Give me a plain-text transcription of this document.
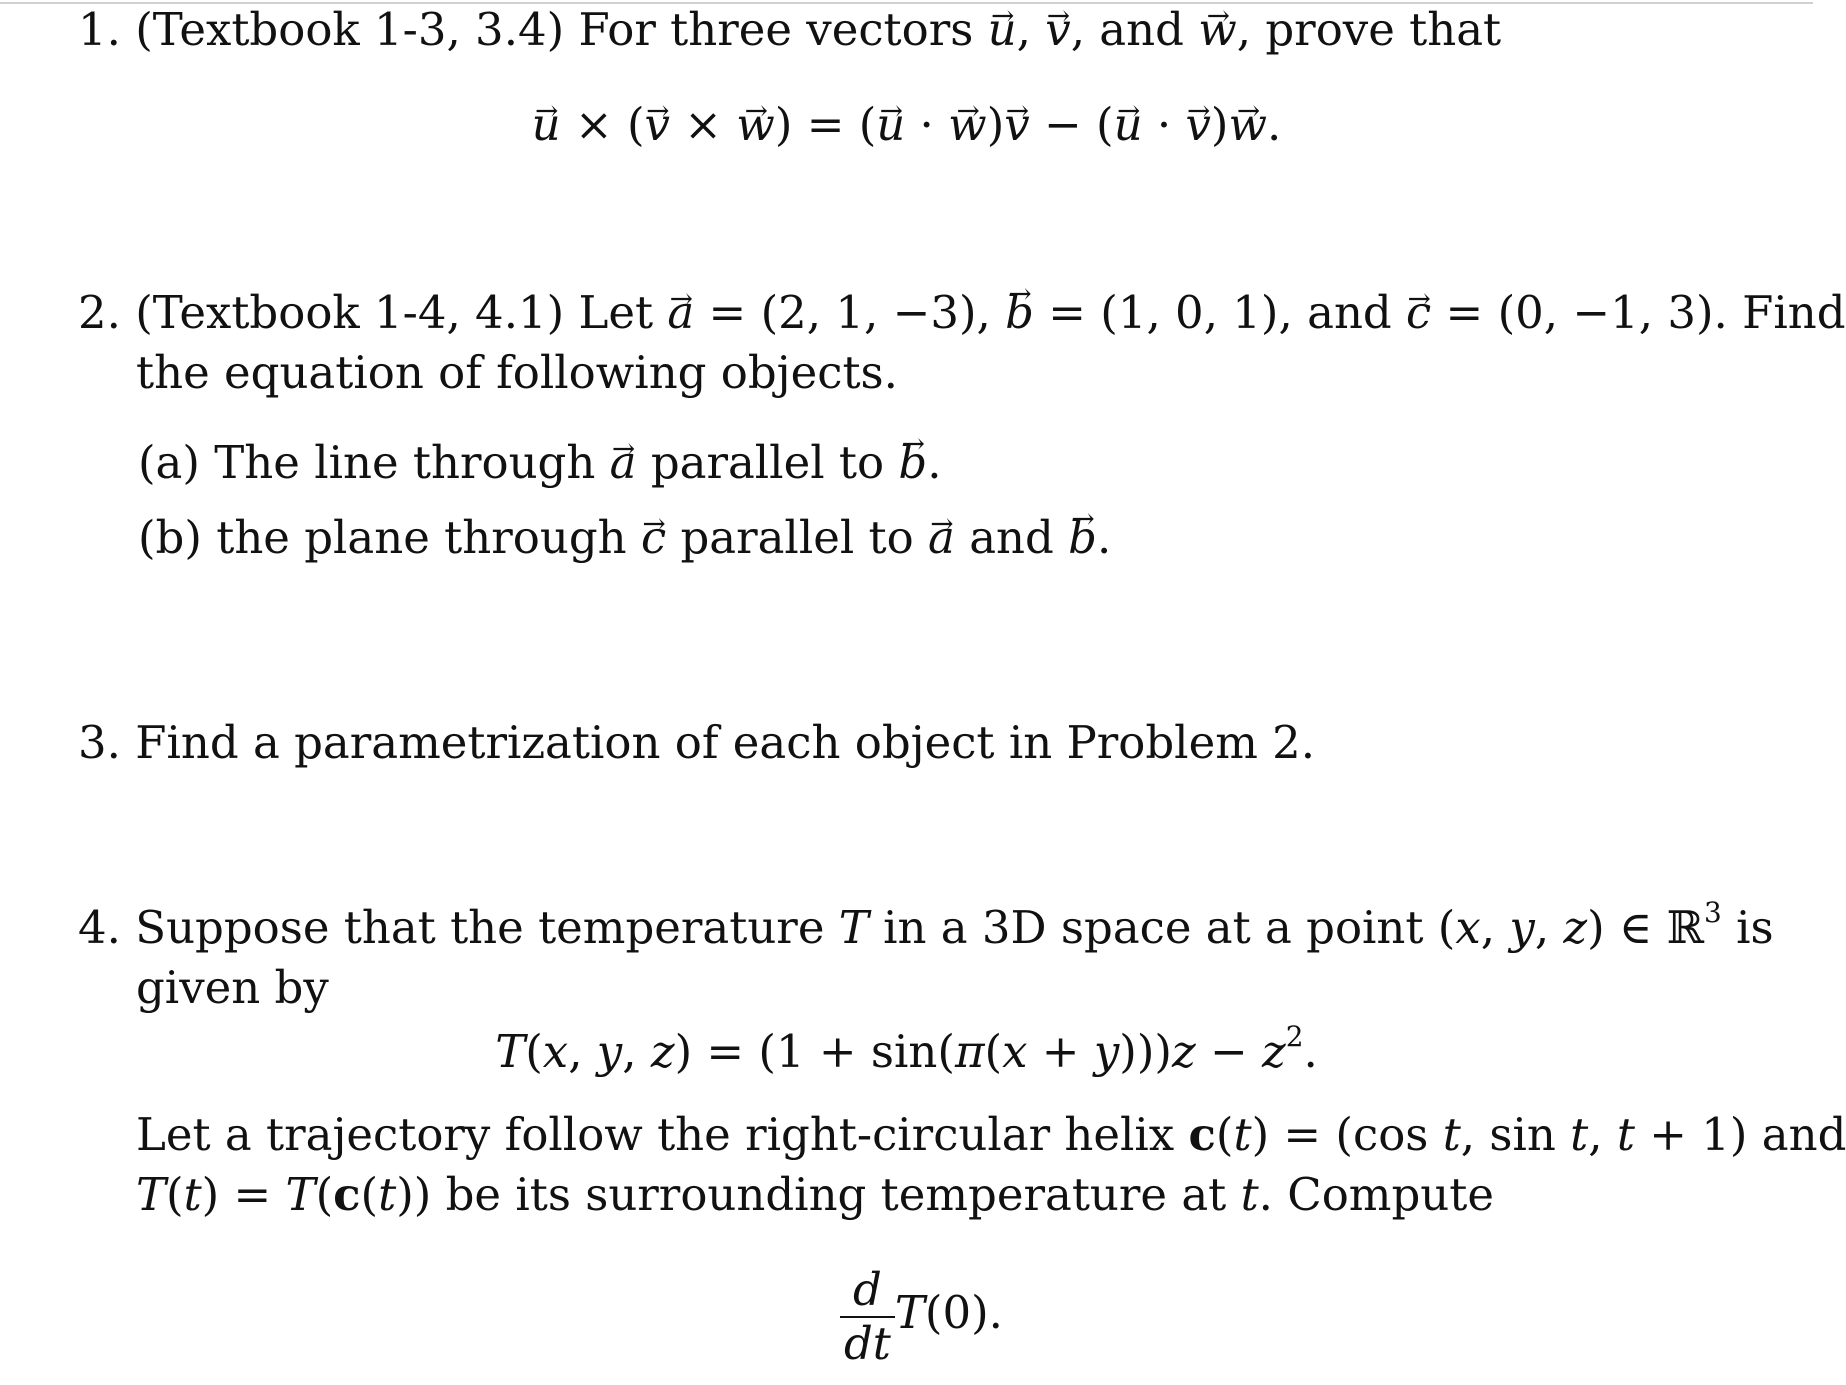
1. (Textbook 1-3, 3.4) For three vectors → u, → v, and → w, prove that
→ u × (→ v × → w) = (→ u · → w)→ v − (→ u · → v)→ w.
2. (Textbook 1-4, 4.1) Let → a = (2, 1, −3), → b = (1, 0, 1), and → c = (0, −1, 3). Find
the equation of following objects.
(a) The line through → a parallel to → b.
(b) the plane through → c parallel to → a and → b.
3. Find a parametrization of each object in Problem 2.
4. Suppose that the temperature T in a 3D space at a point (x, y, z) ∈ ℝ$^3$ is
given by
T(x, y, $z) = (1 + \sin(\pi(x + y)))z - z^2$.
Let a trajectory follow the right-circular helix c(t) = (cos t, sin t, t + 1) and
T(t) = T(c(t)) be its surrounding temperature at t. Compute
$\frac{d}{dt} T(0)$.
